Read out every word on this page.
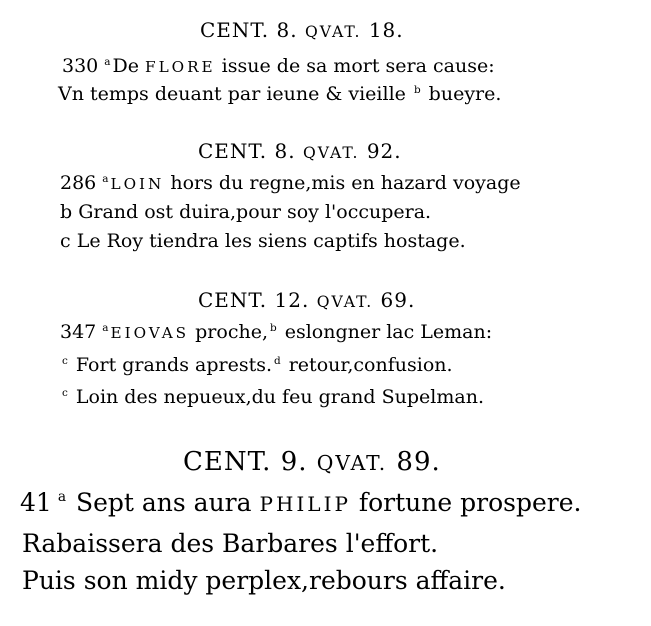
CENT. 8. QVAT. 18.
330 $^a$ De FLORE issue de sa mort sera cause:
Vn temps deuant par ieune & vieille $^b$ bueyre.
CENT. 8. QVAT. 92.
286 $^a$ LOIN hors du regne,mis en hazard voyage
b Grand ost duira,pour soy l'occupera.
c Le Roy tiendra les siens captifs hostage.
CENT. 12. QVAT. 69.
347 $^a$ EIOVAS proche, $^b$ eslongner lac Leman:
$^c$ Fort grands aprests. $^d$ retour,confusion.
$^c$ Loin des nepueux,du feu grand Supelman.
CENT. 9. QVAT. 89.
41 $^a$ Sept ans aura PHILIP fortune prospere.
Rabaissera des Barbares l'effort.
Puis son midy perplex,rebours affaire.
